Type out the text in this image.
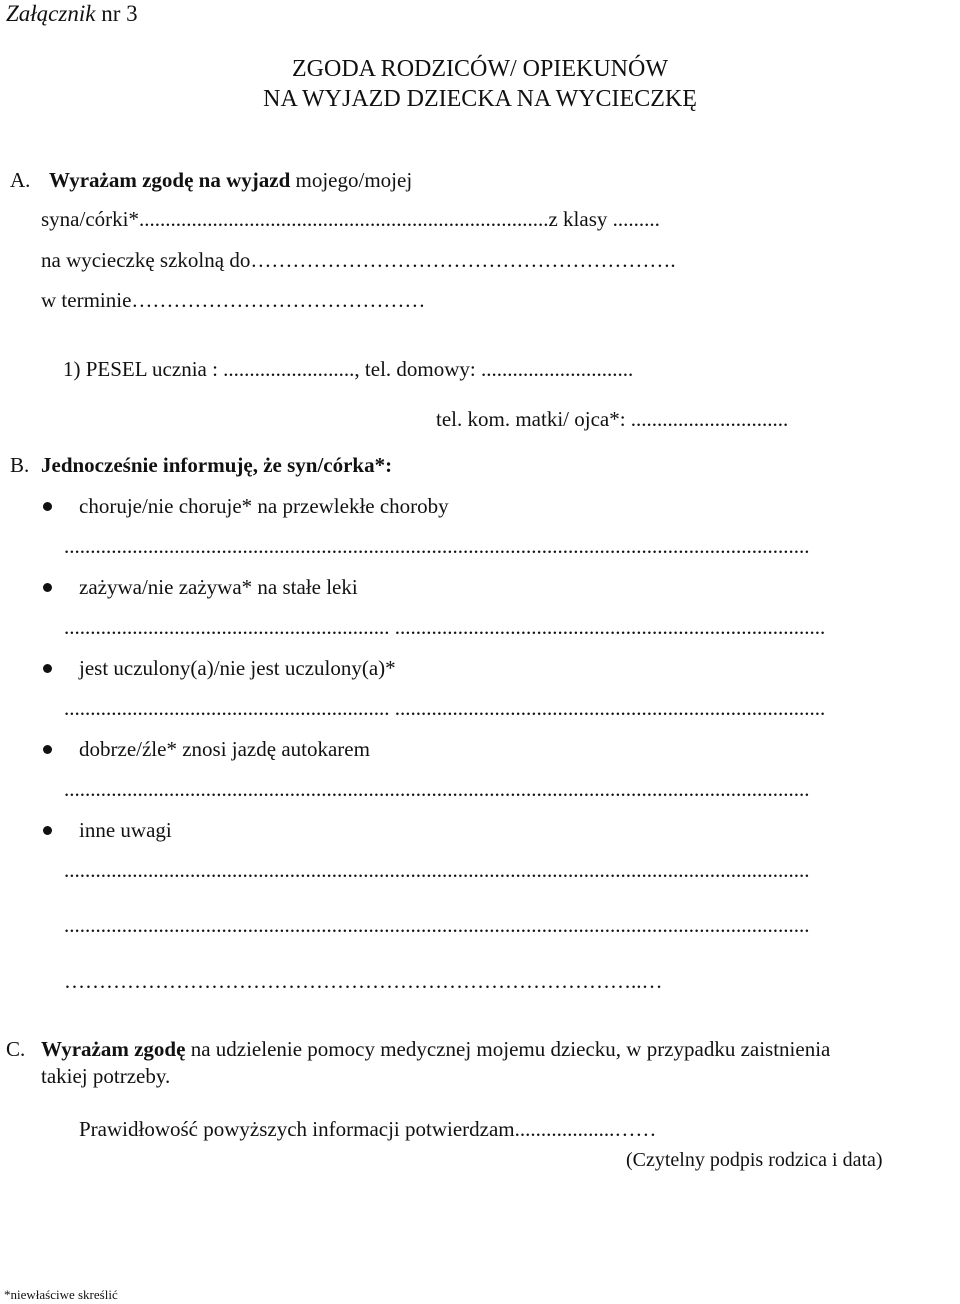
Załącznik nr 3
ZGODA RODZICÓW/ OPIEKUNÓW
NA WYJAZD DZIECKA NA WYCIECZKĘ
A. Wyrażam zgodę na wyjazd mojego/mojej
syna/córki*..............................................................................z klasy .........
na wycieczkę szkolną do…………………………………………………….
w terminie……………………………………
1) PESEL ucznia : ........................., tel. domowy: .............................
tel. kom. matki/ ojca*: ..............................
B. Jednocześnie informuję, że syn/córka*:
choruje/nie choruje* na przewlekłe choroby
..............................................................................................................................................
zażywa/nie zażywa* na stałe leki
.............................................................. ..................................................................................
jest uczulony(a)/nie jest uczulony(a)*
.............................................................. ..................................................................................
dobrze/źle* znosi jazdę autokarem
..............................................................................................................................................
inne uwagi
..............................................................................................................................................
..............................................................................................................................................
………………………………………………………………………..…
C. Wyrażam zgodę na udzielenie pomocy medycznej mojemu dziecku, w przypadku zaistnienia
takiej potrzeby.
Prawidłowość powyższych informacji potwierdzam...................……
(Czytelny podpis rodzica i data)
*niewłaściwe skreślić
